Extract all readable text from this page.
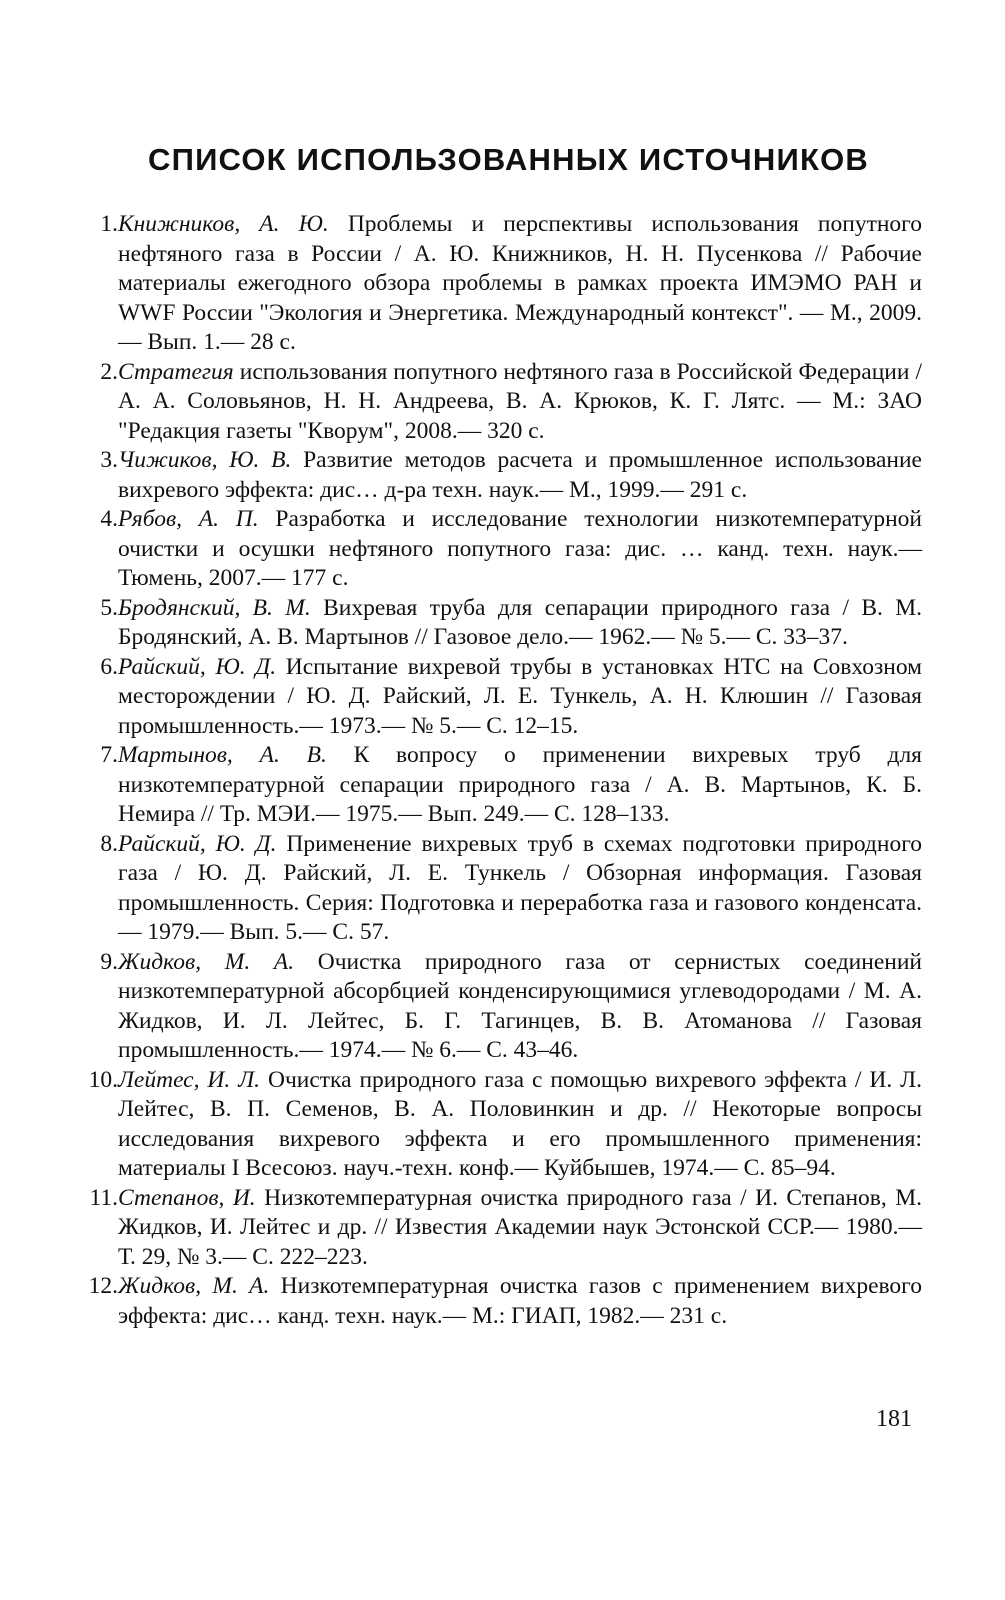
СПИСОК ИСПОЛЬЗОВАННЫХ ИСТОЧНИКОВ
1. Книжников, А. Ю. Проблемы и перспективы использования попутного нефтяного газа в России / А. Ю. Книжников, Н. Н. Пусенкова // Рабочие материалы ежегодного обзора проблемы в рамках проекта ИМЭМО РАН и WWF России "Экология и Энергетика. Международный контекст". — М., 2009.— Вып. 1.— 28 с.
2. Стратегия использования попутного нефтяного газа в Российской Федерации / А. А. Соловьянов, Н. Н. Андреева, В. А. Крюков, К. Г. Лятс. — М.: ЗАО "Редакция газеты "Кворум", 2008.— 320 с.
3. Чижиков, Ю. В. Развитие методов расчета и промышленное использование вихревого эффекта: дис… д-ра техн. наук.— М., 1999.— 291 с.
4. Рябов, А. П. Разработка и исследование технологии низкотемпературной очистки и осушки нефтяного попутного газа: дис. … канд. техн. наук.— Тюмень, 2007.— 177 с.
5. Бродянский, В. М. Вихревая труба для сепарации природного газа / В. М. Бродянский, А. В. Мартынов // Газовое дело.— 1962.— № 5.— С. 33–37.
6. Райский, Ю. Д. Испытание вихревой трубы в установках НТС на Совхозном месторождении / Ю. Д. Райский, Л. Е. Тункель, А. Н. Клюшин // Газовая промышленность.— 1973.— № 5.— С. 12–15.
7. Мартынов, А. В. К вопросу о применении вихревых труб для низкотемпературной сепарации природного газа / А. В. Мартынов, К. Б. Немира // Тр. МЭИ.— 1975.— Вып. 249.— С. 128–133.
8. Райский, Ю. Д. Применение вихревых труб в схемах подготовки природного газа / Ю. Д. Райский, Л. Е. Тункель / Обзорная информация. Газовая промышленность. Серия: Подготовка и переработка газа и газового конденсата.— 1979.— Вып. 5.— С. 57.
9. Жидков, М. А. Очистка природного газа от сернистых соединений низкотемпературной абсорбцией конденсирующимися углеводородами / М. А. Жидков, И. Л. Лейтес, Б. Г. Тагинцев, В. В. Атоманова // Газовая промышленность.— 1974.— № 6.— С. 43–46.
10. Лейтес, И. Л. Очистка природного газа с помощью вихревого эффекта / И. Л. Лейтес, В. П. Семенов, В. А. Половинкин и др. // Некоторые вопросы исследования вихревого эффекта и его промышленного применения: материалы I Всесоюз. науч.-техн. конф.— Куйбышев, 1974.— С. 85–94.
11. Степанов, И. Низкотемпературная очистка природного газа / И. Степанов, М. Жидков, И. Лейтес и др. // Известия Академии наук Эстонской ССР.— 1980.— Т. 29, № 3.— С. 222–223.
12. Жидков, М. А. Низкотемпературная очистка газов с применением вихревого эффекта: дис… канд. техн. наук.— М.: ГИАП, 1982.— 231 с.
181
